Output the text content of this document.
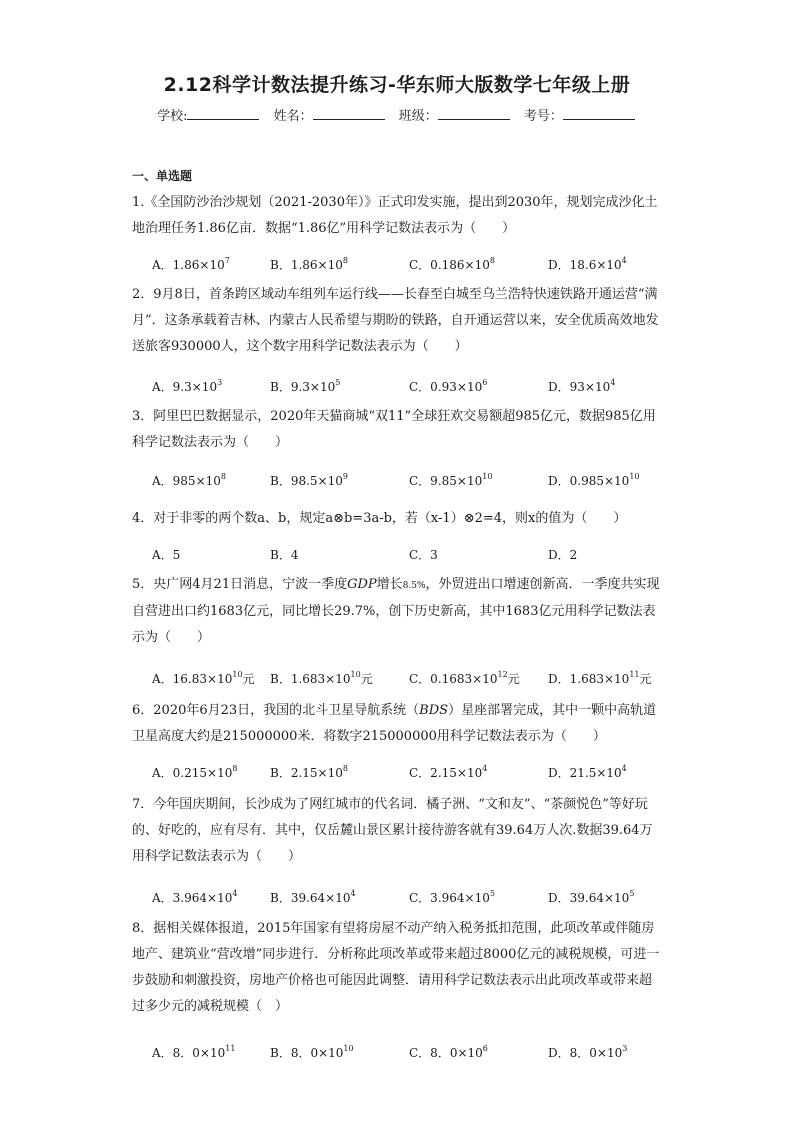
2.12科学计数法提升练习-华东师大版数学七年级上册
学校:	姓名：	班级：	考号：
一、单选题
1.《全国防沙治沙规划（2021-2030年）》正式印发实施，提出到2030年，规划完成沙化土地治理任务1.86亿亩．数据“1.86亿”用科学记数法表示为（　　）
A．$1.86\times 10^7$	B．$1.86\times 10^8$	C．$0.186\times 10^8$	D．$18.6\times 10^4$
2．9月8日，首条跨区域动车组列车运行线——长春至白城至乌兰浩特快速铁路开通运营“满月”．这条承载着吉林、内蒙古人民希望与期盼的铁路，自开通运营以来，安全优质高效地发送旅客930000人，这个数字用科学记数法表示为（　　）
A．$9.3\times 10^3$	B．$9.3\times 10^5$	C．$0.93\times 10^6$	D．$93\times 10^4$
3．阿里巴巴数据显示，2020年天猫商城“双11”全球狂欢交易额超985亿元，数据985亿用科学记数法表示为（　　）
A．$985\times 10^8$	B．$98.5\times 10^9$	C．$9.85\times 10^{10}$	D．$0.985\times 10^{10}$
4．对于非零的两个数a、b，规定a⊗b=3a-b，若（x-1）⊗2=4，则x的值为（　　）
A．5	B．4	C．3	D．2
5．央广网4月21日消息，宁波一季度GDP增长8.5%，外贸进出口增速创新高．一季度共实现自营进出口约1683亿元，同比增长29.7%，创下历史新高，其中1683亿元用科学记数法表示为（　　）
A．$16.83\times 10^{10}$元 B．$1.683\times 10^{10}$元	C．$0.1683\times 10^{12}$元 D．$1.683\times 10^{11}$元
6．2020年6月23日，我国的北斗卫星导航系统（BDS）星座部署完成，其中一颗中高轨道卫星高度大约是215000000米．将数字215000000用科学记数法表示为（　　）
A．$0.215\times 10^8$	B．$2.15\times 10^8$	C．$2.15\times 10^4$	D．$21.5\times 10^4$
7．今年国庆期间，长沙成为了网红城市的代名词．橘子洲、“文和友”、“茶颜悦色”等好玩的、好吃的，应有尽有．其中，仅岳麓山景区累计接待游客就有39.64万人次.数据39.64万用科学记数法表示为（　　）
A．$3.964\times 10^4$	B．$39.64\times 10^4$	C．$3.964\times 10^5$	D．$39.64\times 10^5$
8．据相关媒体报道，2015年国家有望将房屋不动产纳入税务抵扣范围，此项改革或伴随房地产、建筑业“营改增”同步进行．分析称此项改革或带来超过8000亿元的减税规模，可进一步鼓励和刺激投资，房地产价格也可能因此调整．请用科学记数法表示出此项改革或带来超过多少元的减税规模（　）
A．8．$0\times 10^{11}$	B．8．$0\times 10^{10}$	C．8．$0\times 10^6$	D．8．$0\times 10^3$
